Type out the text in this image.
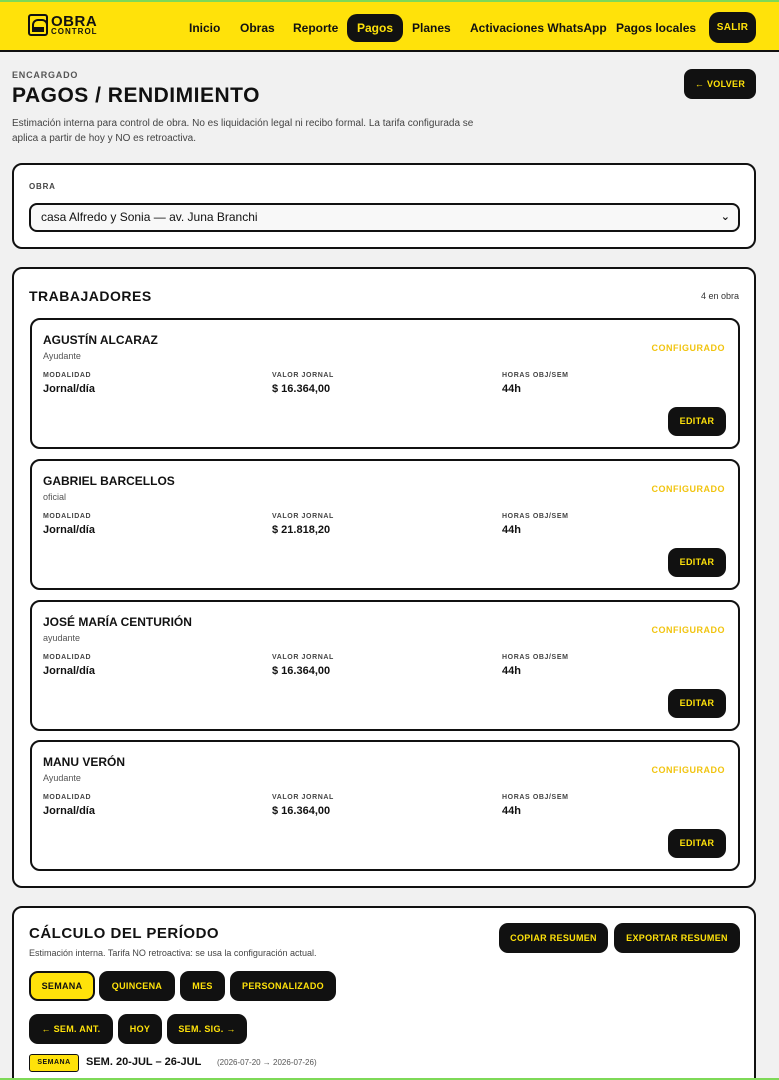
OBRA
CONTROL	Inicio	Obras	Reporte	Pagos	Planes	Activaciones WhatsApp Pagos locales	SALIR
ENCARGADO
PAGOS / RENDIMIENTO

Estimación interna para control de obra. No es liquidación legal ni recibo formal. La tarifa configurada se aplica a partir de hoy y NO es retroactiva.

← VOLVER
OBRA
casa Alfredo y Sonia — av. Juna Branchi	⌄
TRABAJADORES	4 en obra
AGUSTÍN ALCARAZ
Ayudante
CONFIGURADO
MODALIDAD
Jornal/día
VALOR JORNAL
$ 16.364,00
HORAS OBJ/SEM
44h
EDITAR
GABRIEL BARCELLOS
oficial
CONFIGURADO
MODALIDAD
Jornal/día
VALOR JORNAL
$ 21.818,20
HORAS OBJ/SEM
44h
EDITAR
JOSÉ MARÍA CENTURIÓN
ayudante
CONFIGURADO
MODALIDAD
Jornal/día
VALOR JORNAL
$ 16.364,00
HORAS OBJ/SEM
44h
EDITAR
MANU VERÓN
Ayudante
CONFIGURADO
MODALIDAD
Jornal/día
VALOR JORNAL
$ 16.364,00
HORAS OBJ/SEM
44h
EDITAR
CÁLCULO DEL PERÍODO
Estimación interna. Tarifa NO retroactiva: se usa la configuración actual.
COPIAR RESUMEN	EXPORTAR RESUMEN
SEMANA	QUINCENA	MES	PERSONALIZADO
← SEM. ANT.	HOY	SEM. SIG. →
SEMANA	SEM. 20-JUL – 26-JUL (2026-07-20 → 2026-07-26)
